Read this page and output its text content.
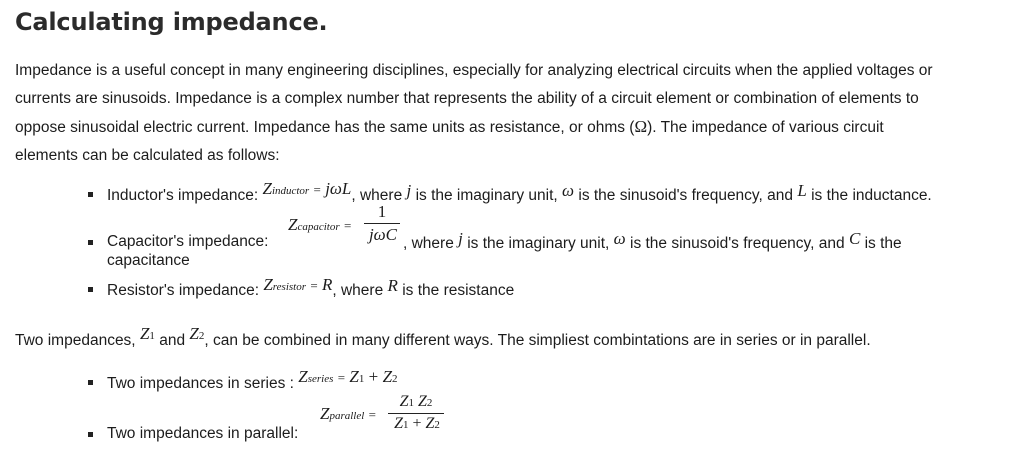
Calculating impedance.

Impedance is a useful concept in many engineering disciplines, especially for analyzing electrical circuits when the applied voltages or
currents are sinusoids. Impedance is a complex number that represents the ability of a circuit element or combination of elements to
oppose sinusoidal electric current. Impedance has the same units as resistance, or ohms (Ω). The impedance of various circuit
elements can be calculated as follows:

Inductor's impedance: Zinductor = jωL, where j is the imaginary unit, ω is the sinusoid's frequency, and L is the inductance.
Zcapacitor =
1
jωC
Capacitor's impedance:
capacitance
, where j is the imaginary unit, ω is the sinusoid's frequency, and C is the
Resistor's impedance: Zresistor = R, where R is the resistance
Two impedances, Z1 and Z2, can be combined in many different ways. The simpliest combintations are in series or in parallel.
Two impedances in series : Zseries = Z1 + Z2
Zparallel =
Z1 Z2
Z1 + Z2
Two impedances in parallel:
